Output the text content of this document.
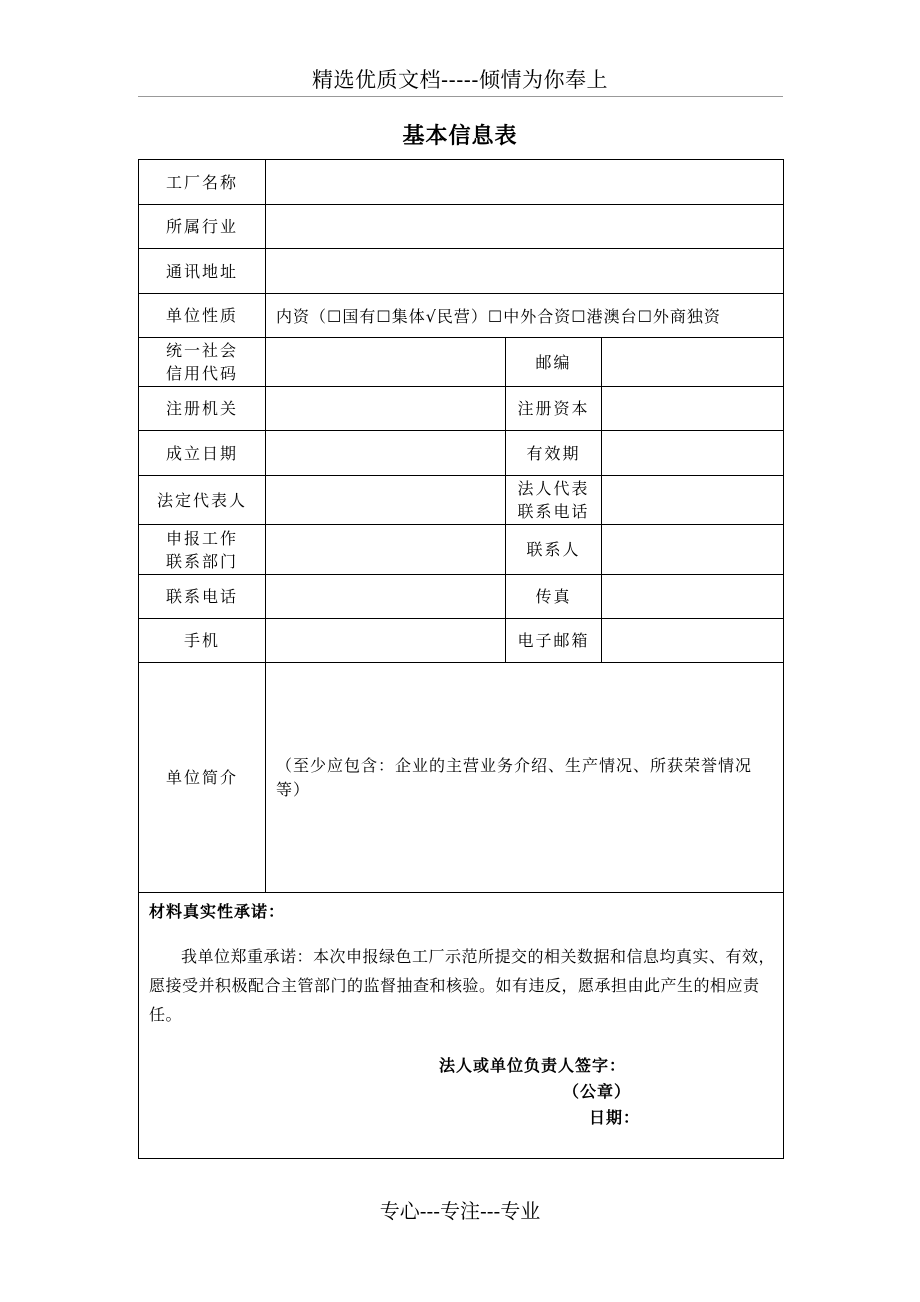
精选优质文档-----倾情为你奉上
基本信息表
工厂名称			
所属行业			
通讯地址			
单位性质	内资（☐国有☐集体√民营）☐中外合资☐港澳台☐外商独资		

统一社会
信用代码		邮编	
注册机关		注册资本	
成立日期		有效期	
法定代表人		法人代表
联系电话	

申报工作
联系部门		联系人	
联系电话		传真	
手机		电子邮箱	
单位简介	（至少应包含：企业的主营业务介绍、生产情况、所获荣誉情况等）		

材料真实性承诺：
我单位郑重承诺：本次申报绿色工厂示范所提交的相关数据和信息均真实、有效，愿接受并积极配合主管部门的监督抽查和核验。如有违反，愿承担由此产生的相应责任。
法人或单位负责人签字：
（公章）
日期：			
专心---专注---专业
